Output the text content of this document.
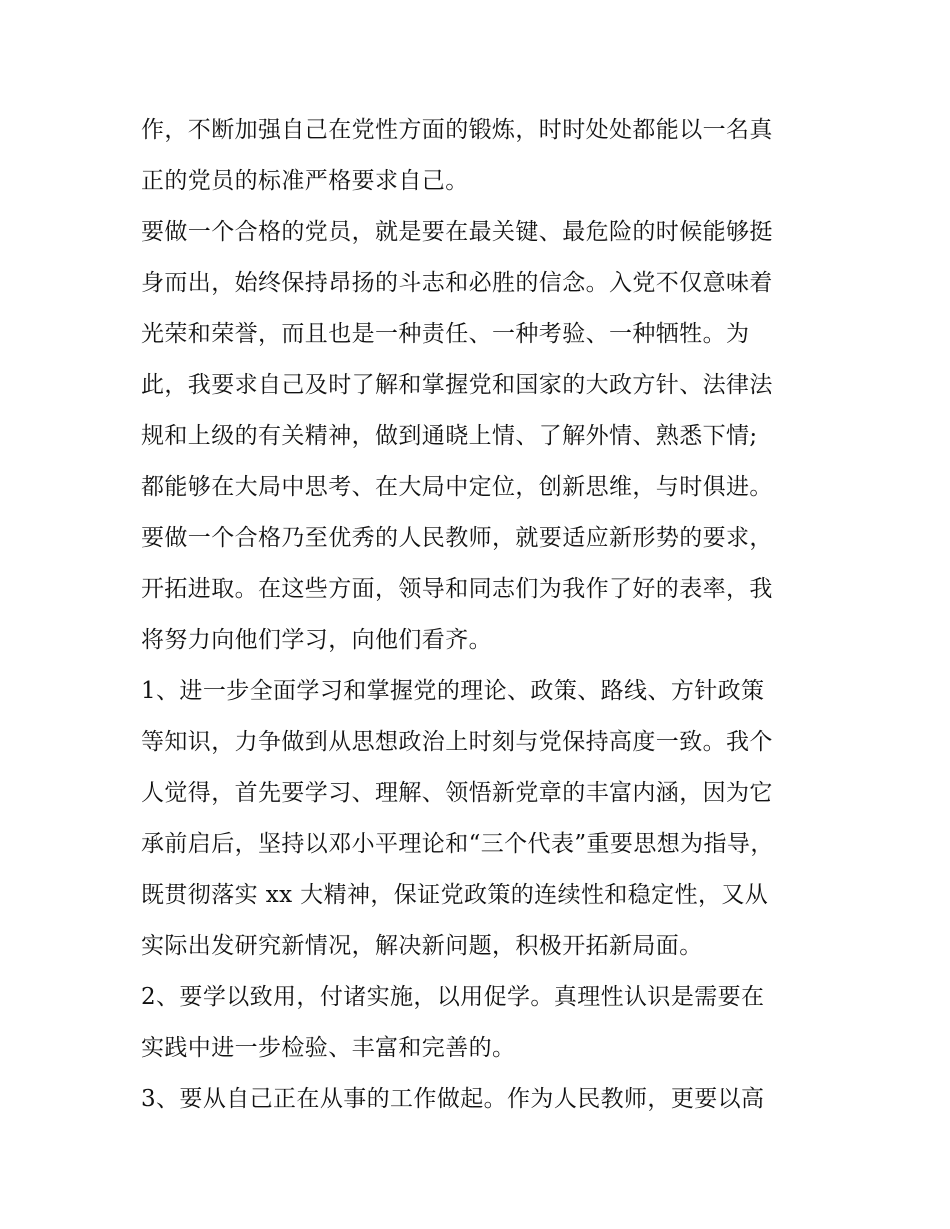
作，不断加强自己在党性方面的锻炼，时时处处都能以一名真
正的党员的标准严格要求自己。
要做一个合格的党员，就是要在最关键、最危险的时候能够挺
身而出，始终保持昂扬的斗志和必胜的信念。入党不仅意味着
光荣和荣誉，而且也是一种责任、一种考验、一种牺牲。为
此，我要求自己及时了解和掌握党和国家的大政方针、法律法
规和上级的有关精神，做到通晓上情、了解外情、熟悉下情;
都能够在大局中思考、在大局中定位，创新思维，与时俱进。
要做一个合格乃至优秀的人民教师，就要适应新形势的要求，
开拓进取。在这些方面，领导和同志们为我作了好的表率，我
将努力向他们学习，向他们看齐。
1、进一步全面学习和掌握党的理论、政策、路线、方针政策
等知识，力争做到从思想政治上时刻与党保持高度一致。我个
人觉得，首先要学习、理解、领悟新党章的丰富内涵，因为它
承前启后，坚持以邓小平理论和“三个代表”重要思想为指导，
既贯彻落实 xx 大精神，保证党政策的连续性和稳定性，又从
实际出发研究新情况，解决新问题，积极开拓新局面。
2、要学以致用，付诸实施，以用促学。真理性认识是需要在
实践中进一步检验、丰富和完善的。
3、要从自己正在从事的工作做起。作为人民教师，更要以高
